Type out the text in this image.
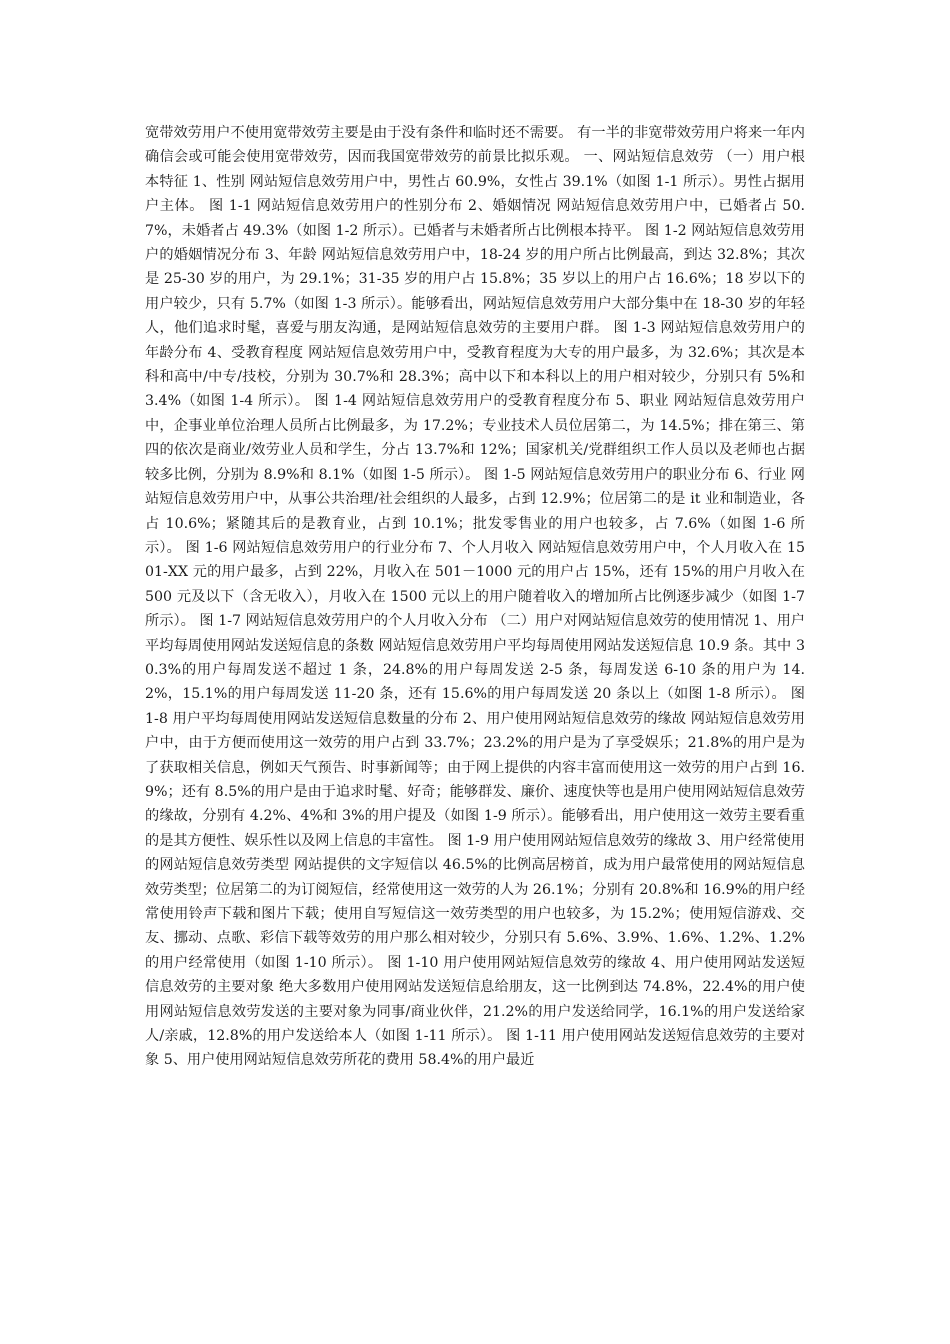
宽带效劳用户不使用宽带效劳主要是由于没有条件和临时还不需要。 有一半的非宽带效劳用户将来一年内确信会或可能会使用宽带效劳，因而我国宽带效劳的前景比拟乐观。 一、网站短信息效劳 （一）用户根本特征 1、性别 网站短信息效劳用户中，男性占 60.9%，女性占 39.1%（如图 1-1 所示）。男性占据用户主体。 图 1-1 网站短信息效劳用户的性别分布 2、婚姻情况 网站短信息效劳用户中，已婚者占 50.7%，未婚者占 49.3%（如图 1-2 所示）。已婚者与未婚者所占比例根本持平。 图 1-2 网站短信息效劳用户的婚姻情况分布 3、年龄 网站短信息效劳用户中，18-24 岁的用户所占比例最高，到达 32.8%；其次是 25-30 岁的用户，为 29.1%；31-35 岁的用户占 15.8%；35 岁以上的用户占 16.6%；18 岁以下的用户较少，只有 5.7%（如图 1-3 所示）。能够看出，网站短信息效劳用户大部分集中在 18-30 岁的年轻人，他们追求时髦，喜爱与朋友沟通，是网站短信息效劳的主要用户群。 图 1-3 网站短信息效劳用户的年龄分布 4、受教育程度 网站短信息效劳用户中，受教育程度为大专的用户最多，为 32.6%；其次是本科和高中/中专/技校，分别为 30.7%和 28.3%；高中以下和本科以上的用户相对较少，分别只有 5%和 3.4%（如图 1-4 所示）。 图 1-4 网站短信息效劳用户的受教育程度分布 5、职业 网站短信息效劳用户中，企事业单位治理人员所占比例最多，为 17.2%；专业技术人员位居第二，为 14.5%；排在第三、第四的依次是商业/效劳业人员和学生，分占 13.7%和 12%；国家机关/党群组织工作人员以及老师也占据较多比例，分别为 8.9%和 8.1%（如图 1-5 所示）。 图 1-5 网站短信息效劳用户的职业分布 6、行业 网站短信息效劳用户中，从事公共治理/社会组织的人最多，占到 12.9%；位居第二的是 it 业和制造业，各占 10.6%；紧随其后的是教育业，占到 10.1%；批发零售业的用户也较多，占 7.6%（如图 1-6 所示）。 图 1-6 网站短信息效劳用户的行业分布 7、个人月收入 网站短信息效劳用户中，个人月收入在 1501-XX 元的用户最多，占到 22%，月收入在 501－1000 元的用户占 15%，还有 15%的用户月收入在 500 元及以下（含无收入），月收入在 1500 元以上的用户随着收入的增加所占比例逐步减少（如图 1-7 所示）。 图 1-7 网站短信息效劳用户的个人月收入分布 （二）用户对网站短信息效劳的使用情况 1、用户平均每周使用网站发送短信息的条数 网站短信息效劳用户平均每周使用网站发送短信息 10.9 条。其中 30.3%的用户每周发送不超过 1 条，24.8%的用户每周发送 2-5 条，每周发送 6-10 条的用户为 14.2%，15.1%的用户每周发送 11-20 条，还有 15.6%的用户每周发送 20 条以上（如图 1-8 所示）。 图 1-8 用户平均每周使用网站发送短信息数量的分布 2、用户使用网站短信息效劳的缘故 网站短信息效劳用户中，由于方便而使用这一效劳的用户占到 33.7%；23.2%的用户是为了享受娱乐；21.8%的用户是为了获取相关信息，例如天气预告、时事新闻等；由于网上提供的内容丰富而使用这一效劳的用户占到 16.9%；还有 8.5%的用户是由于追求时髦、好奇；能够群发、廉价、速度快等也是用户使用网站短信息效劳的缘故，分别有 4.2%、4%和 3%的用户提及（如图 1-9 所示）。能够看出，用户使用这一效劳主要看重的是其方便性、娱乐性以及网上信息的丰富性。 图 1-9 用户使用网站短信息效劳的缘故 3、用户经常使用的网站短信息效劳类型 网站提供的文字短信以 46.5%的比例高居榜首，成为用户最常使用的网站短信息效劳类型；位居第二的为订阅短信，经常使用这一效劳的人为 26.1%；分别有 20.8%和 16.9%的用户经常使用铃声下载和图片下载；使用自写短信这一效劳类型的用户也较多，为 15.2%；使用短信游戏、交友、挪动、点歌、彩信下载等效劳的用户那么相对较少，分别只有 5.6%、3.9%、1.6%、1.2%、1.2%的用户经常使用（如图 1-10 所示）。 图 1-10 用户使用网站短信息效劳的缘故 4、用户使用网站发送短信息效劳的主要对象 绝大多数用户使用网站发送短信息给朋友，这一比例到达 74.8%，22.4%的用户使用网站短信息效劳发送的主要对象为同事/商业伙伴，21.2%的用户发送给同学，16.1%的用户发送给家人/亲戚，12.8%的用户发送给本人（如图 1-11 所示）。 图 1-11 用户使用网站发送短信息效劳的主要对象 5、用户使用网站短信息效劳所花的费用 58.4%的用户最近
